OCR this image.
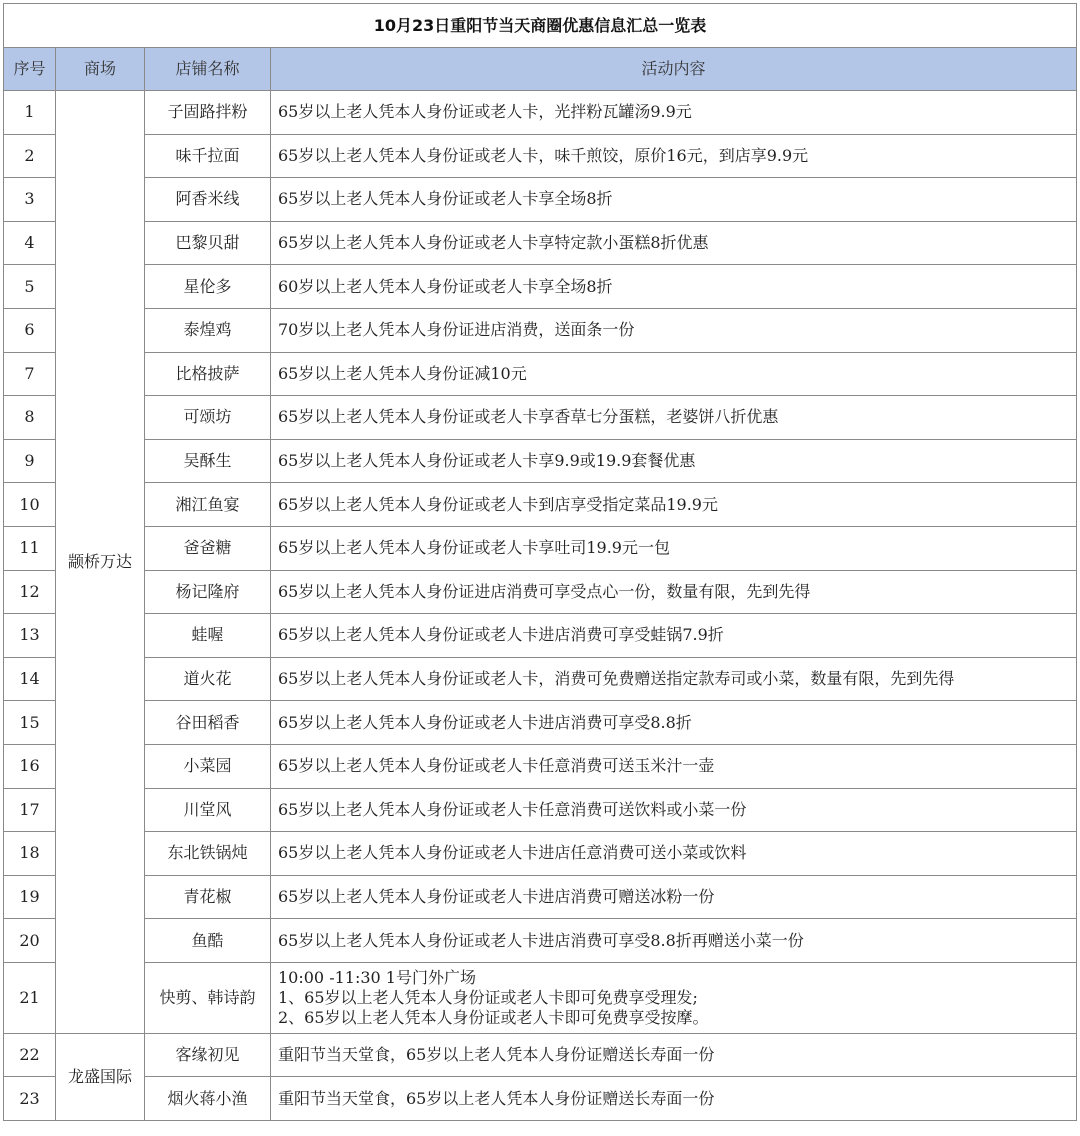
10月23日重阳节当天商圈优惠信息汇总一览表			
序号	商场	店铺名称	活动内容
1	颛桥万达	子固路拌粉	65岁以上老人凭本人身份证或老人卡，光拌粉瓦罐汤9.9元
2		味千拉面	65岁以上老人凭本人身份证或老人卡，味千煎饺，原价16元，到店享9.9元
3		阿香米线	65岁以上老人凭本人身份证或老人卡享全场8折
4		巴黎贝甜	65岁以上老人凭本人身份证或老人卡享特定款小蛋糕8折优惠
5		星伦多	60岁以上老人凭本人身份证或老人卡享全场8折
6		泰煌鸡	70岁以上老人凭本人身份证进店消费，送面条一份
7		比格披萨	65岁以上老人凭本人身份证减10元
8		可颂坊	65岁以上老人凭本人身份证或老人卡享香草七分蛋糕，老婆饼八折优惠
9		吴酥生	65岁以上老人凭本人身份证或老人卡享9.9或19.9套餐优惠
10		湘江鱼宴	65岁以上老人凭本人身份证或老人卡到店享受指定菜品19.9元
11		爸爸糖	65岁以上老人凭本人身份证或老人卡享吐司19.9元一包
12		杨记隆府	65岁以上老人凭本人身份证进店消费可享受点心一份，数量有限，先到先得
13		蛙喔	65岁以上老人凭本人身份证或老人卡进店消费可享受蛙锅7.9折
14		道火花	65岁以上老人凭本人身份证或老人卡，消费可免费赠送指定款寿司或小菜，数量有限，先到先得
15		谷田稻香	65岁以上老人凭本人身份证或老人卡进店消费可享受8.8折
16		小菜园	65岁以上老人凭本人身份证或老人卡任意消费可送玉米汁一壶
17		川堂风	65岁以上老人凭本人身份证或老人卡任意消费可送饮料或小菜一份
18		东北铁锅炖	65岁以上老人凭本人身份证或老人卡进店任意消费可送小菜或饮料
19		青花椒	65岁以上老人凭本人身份证或老人卡进店消费可赠送冰粉一份
20		鱼酷	65岁以上老人凭本人身份证或老人卡进店消费可享受8.8折再赠送小菜一份
21		快剪、韩诗韵	10:00 -11:30 1号门外广场
1、65岁以上老人凭本人身份证或老人卡即可免费享受理发;
2、65岁以上老人凭本人身份证或老人卡即可免费享受按摩。

22	龙盛国际	客缘初见	重阳节当天堂食，65岁以上老人凭本人身份证赠送长寿面一份
23		烟火蒋小渔	重阳节当天堂食，65岁以上老人凭本人身份证赠送长寿面一份
